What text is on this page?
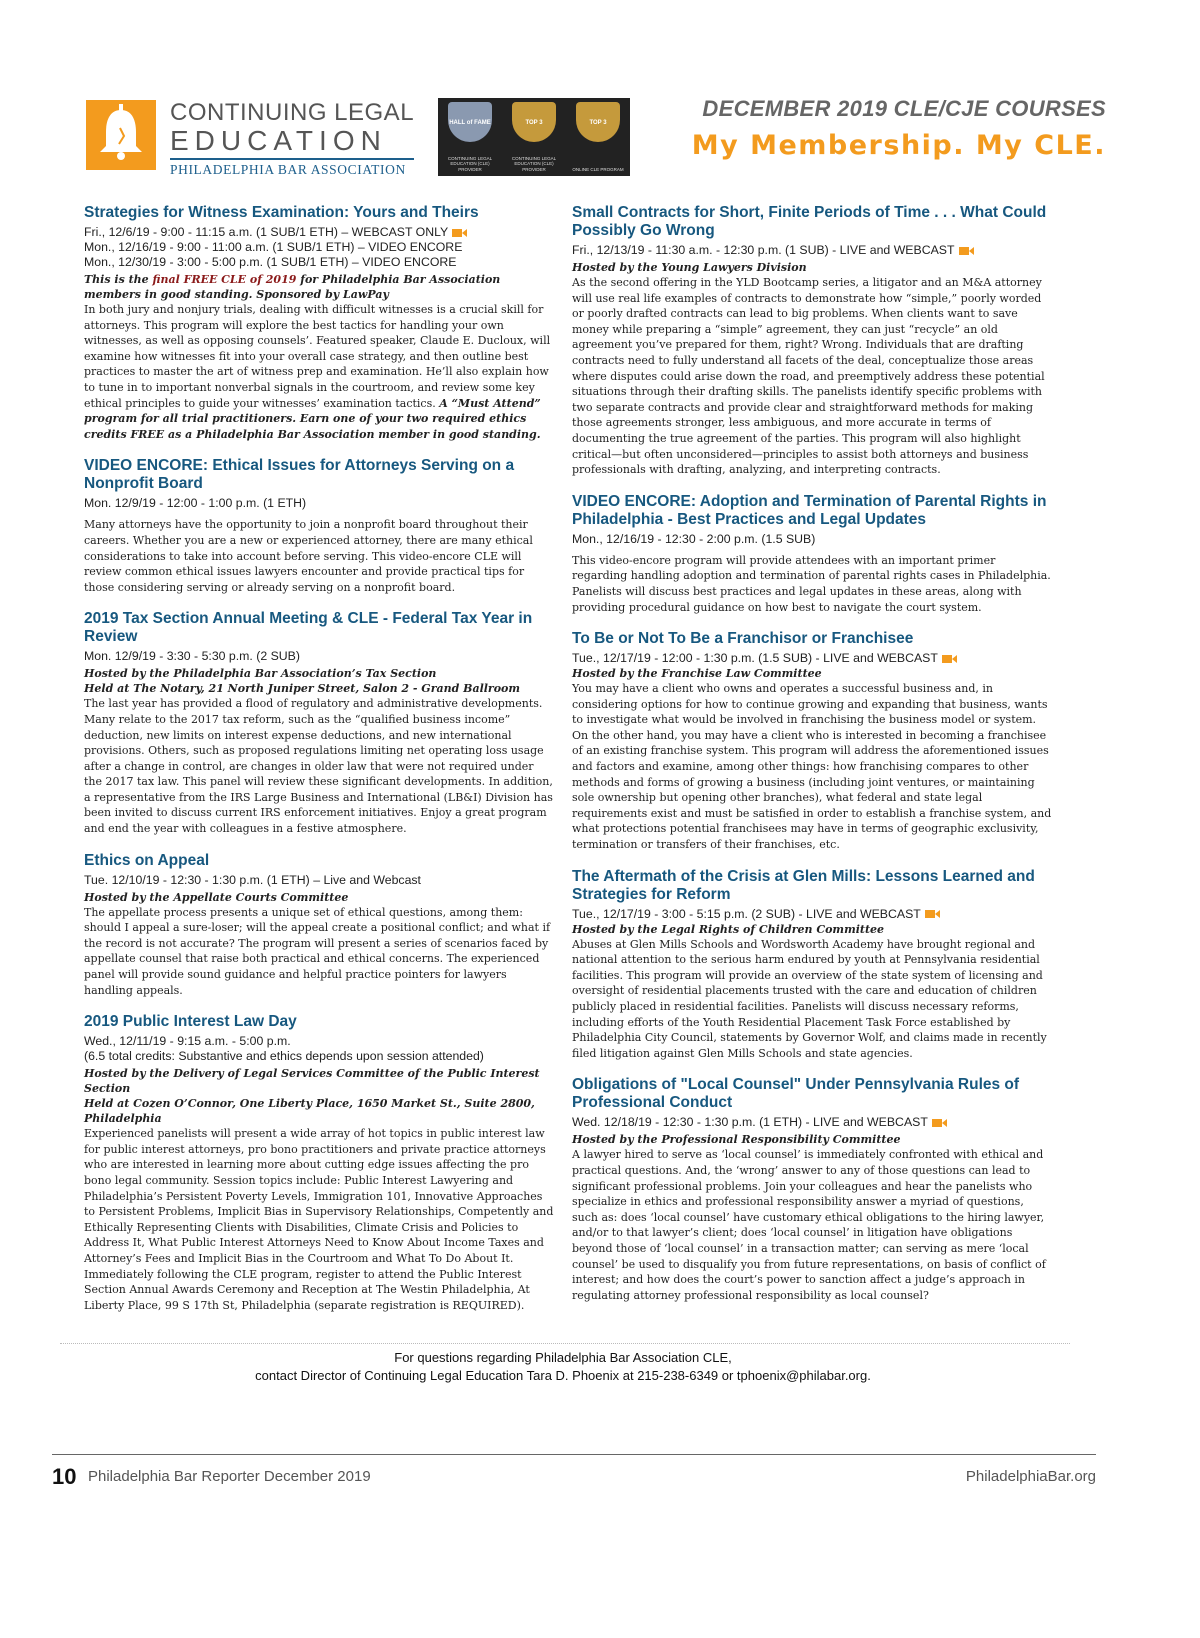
CONTINUING LEGAL
EDUCATION
PHILADELPHIA BAR ASSOCIATION
HALL of FAME
CONTINUING LEGAL EDUCATION (CLE) PROVIDER
TOP 3
CONTINUING LEGAL EDUCATION (CLE) PROVIDER
TOP 3
ONLINE CLE PROGRAM
DECEMBER 2019 CLE/CJE COURSES
My Membership. My CLE.
Strategies for Witness Examination: Yours and Theirs
Fri., 12/6/19 - 9:00 - 11:15 a.m. (1 SUB/1 ETH) – WEBCAST ONLY
Mon., 12/16/19 - 9:00 - 11:00 a.m. (1 SUB/1 ETH) – VIDEO ENCORE
Mon., 12/30/19 - 3:00 - 5:00 p.m. (1 SUB/1 ETH) – VIDEO ENCORE
This is the final FREE CLE of 2019 for Philadelphia Bar Association members in good standing. Sponsored by LawPay
In both jury and nonjury trials, dealing with difficult witnesses is a crucial skill for attorneys. This program will explore the best tactics for handling your own witnesses, as well as opposing counsels’. Featured speaker, Claude E. Ducloux, will examine how witnesses fit into your overall case strategy, and then outline best practices to master the art of witness prep and examination. He’ll also explain how to tune in to important nonverbal signals in the courtroom, and review some key ethical principles to guide your witnesses’ examination tactics. A “Must Attend” program for all trial practitioners. Earn one of your two required ethics credits FREE as a Philadelphia Bar Association member in good standing.
VIDEO ENCORE: Ethical Issues for Attorneys Serving on a Nonprofit Board
Mon. 12/9/19 - 12:00 - 1:00 p.m. (1 ETH)
Many attorneys have the opportunity to join a nonprofit board throughout their careers. Whether you are a new or experienced attorney, there are many ethical considerations to take into account before serving. This video-encore CLE will review common ethical issues lawyers encounter and provide practical tips for those considering serving or already serving on a nonprofit board.
2019 Tax Section Annual Meeting & CLE - Federal Tax Year in Review
Mon. 12/9/19 - 3:30 - 5:30 p.m. (2 SUB)
Hosted by the Philadelphia Bar Association’s Tax Section
Held at The Notary, 21 North Juniper Street, Salon 2 - Grand Ballroom
The last year has provided a flood of regulatory and administrative developments. Many relate to the 2017 tax reform, such as the “qualified business income” deduction, new limits on interest expense deductions, and new international provisions. Others, such as proposed regulations limiting net operating loss usage after a change in control, are changes in older law that were not required under the 2017 tax law. This panel will review these significant developments. In addition, a representative from the IRS Large Business and International (LB&I) Division has been invited to discuss current IRS enforcement initiatives. Enjoy a great program and end the year with colleagues in a festive atmosphere.
Ethics on Appeal
Tue. 12/10/19 - 12:30 - 1:30 p.m. (1 ETH) – Live and Webcast
Hosted by the Appellate Courts Committee
The appellate process presents a unique set of ethical questions, among them: should I appeal a sure-loser; will the appeal create a positional conflict; and what if the record is not accurate? The program will present a series of scenarios faced by appellate counsel that raise both practical and ethical concerns. The experienced panel will provide sound guidance and helpful practice pointers for lawyers handling appeals.
2019 Public Interest Law Day
Wed., 12/11/19 - 9:15 a.m. - 5:00 p.m.
(6.5 total credits: Substantive and ethics depends upon session attended)
Hosted by the Delivery of Legal Services Committee of the Public Interest Section
Held at Cozen O’Connor, One Liberty Place, 1650 Market St., Suite 2800, Philadelphia
Experienced panelists will present a wide array of hot topics in public interest law for public interest attorneys, pro bono practitioners and private practice attorneys who are interested in learning more about cutting edge issues affecting the pro bono legal community. Session topics include: Public Interest Lawyering and Philadelphia’s Persistent Poverty Levels, Immigration 101, Innovative Approaches to Persistent Problems, Implicit Bias in Supervisory Relationships, Competently and Ethically Representing Clients with Disabilities, Climate Crisis and Policies to Address It, What Public Interest Attorneys Need to Know About Income Taxes and Attorney’s Fees and Implicit Bias in the Courtroom and What To Do About It. Immediately following the CLE program, register to attend the Public Interest Section Annual Awards Ceremony and Reception at The Westin Philadelphia, At Liberty Place, 99 S 17th St, Philadelphia (separate registration is REQUIRED).
Small Contracts for Short, Finite Periods of Time . . . What Could Possibly Go Wrong
Fri., 12/13/19 - 11:30 a.m. - 12:30 p.m. (1 SUB) - LIVE and WEBCAST
Hosted by the Young Lawyers Division
As the second offering in the YLD Bootcamp series, a litigator and an M&A attorney will use real life examples of contracts to demonstrate how “simple,” poorly worded or poorly drafted contracts can lead to big problems. When clients want to save money while preparing a “simple” agreement, they can just “recycle” an old agreement you’ve prepared for them, right? Wrong. Individuals that are drafting contracts need to fully understand all facets of the deal, conceptualize those areas where disputes could arise down the road, and preemptively address these potential situations through their drafting skills. The panelists identify specific problems with two separate contracts and provide clear and straightforward methods for making those agreements stronger, less ambiguous, and more accurate in terms of documenting the true agreement of the parties. This program will also highlight critical—but often unconsidered—principles to assist both attorneys and business professionals with drafting, analyzing, and interpreting contracts.
VIDEO ENCORE: Adoption and Termination of Parental Rights in Philadelphia - Best Practices and Legal Updates
Mon., 12/16/19 - 12:30 - 2:00 p.m. (1.5 SUB)
This video-encore program will provide attendees with an important primer regarding handling adoption and termination of parental rights cases in Philadelphia. Panelists will discuss best practices and legal updates in these areas, along with providing procedural guidance on how best to navigate the court system.
To Be or Not To Be a Franchisor or Franchisee
Tue., 12/17/19 - 12:00 - 1:30 p.m. (1.5 SUB) - LIVE and WEBCAST
Hosted by the Franchise Law Committee
You may have a client who owns and operates a successful business and, in considering options for how to continue growing and expanding that business, wants to investigate what would be involved in franchising the business model or system. On the other hand, you may have a client who is interested in becoming a franchisee of an existing franchise system. This program will address the aforementioned issues and factors and examine, among other things: how franchising compares to other methods and forms of growing a business (including joint ventures, or maintaining sole ownership but opening other branches), what federal and state legal requirements exist and must be satisfied in order to establish a franchise system, and what protections potential franchisees may have in terms of geographic exclusivity, termination or transfers of their franchises, etc.
The Aftermath of the Crisis at Glen Mills: Lessons Learned and Strategies for Reform
Tue., 12/17/19 - 3:00 - 5:15 p.m. (2 SUB) - LIVE and WEBCAST
Hosted by the Legal Rights of Children Committee
Abuses at Glen Mills Schools and Wordsworth Academy have brought regional and national attention to the serious harm endured by youth at Pennsylvania residential facilities. This program will provide an overview of the state system of licensing and oversight of residential placements trusted with the care and education of children publicly placed in residential facilities. Panelists will discuss necessary reforms, including efforts of the Youth Residential Placement Task Force established by Philadelphia City Council, statements by Governor Wolf, and claims made in recently filed litigation against Glen Mills Schools and state agencies.
Obligations of "Local Counsel" Under Pennsylvania Rules of Professional Conduct
Wed. 12/18/19 - 12:30 - 1:30 p.m. (1 ETH) - LIVE and WEBCAST
Hosted by the Professional Responsibility Committee
A lawyer hired to serve as ‘local counsel’ is immediately confronted with ethical and practical questions. And, the ‘wrong’ answer to any of those questions can lead to significant professional problems. Join your colleagues and hear the panelists who specialize in ethics and professional responsibility answer a myriad of questions, such as: does ‘local counsel’ have customary ethical obligations to the hiring lawyer, and/or to that lawyer’s client; does ‘local counsel’ in litigation have obligations beyond those of ‘local counsel’ in a transaction matter; can serving as mere ‘local counsel’ be used to disqualify you from future representations, on basis of conflict of interest; and how does the court’s power to sanction affect a judge’s approach in regulating attorney professional responsibility as local counsel?
For questions regarding Philadelphia Bar Association CLE,
contact Director of Continuing Legal Education Tara D. Phoenix at 215-238-6349 or tphoenix@philabar.org.
10 Philadelphia Bar Reporter December 2019	PhiladelphiaBar.org
